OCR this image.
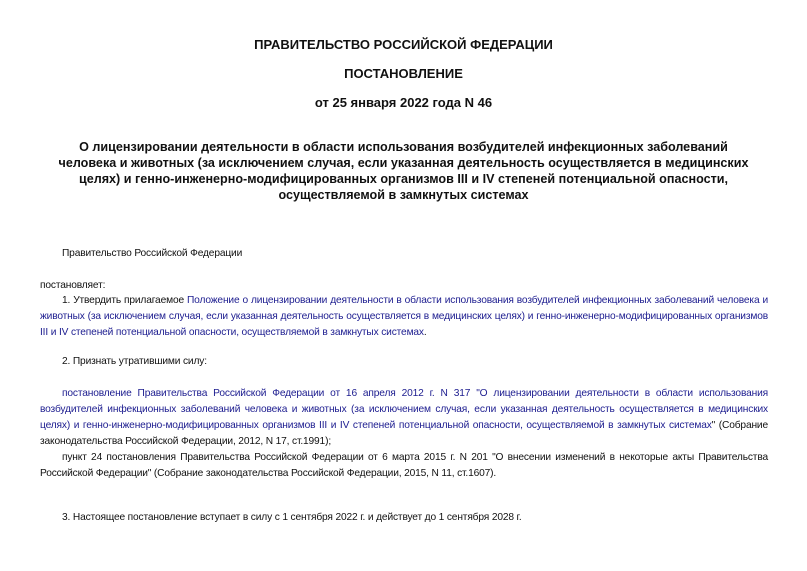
ПРАВИТЕЛЬСТВО РОССИЙСКОЙ ФЕДЕРАЦИИ
ПОСТАНОВЛЕНИЕ
от 25 января 2022 года N 46
О лицензировании деятельности в области использования возбудителей инфекционных заболеваний человека и животных (за исключением случая, если указанная деятельность осуществляется в медицинских целях) и генно-инженерно-модифицированных организмов III и IV степеней потенциальной опасности, осуществляемой в замкнутых системах
Правительство Российской Федерации
постановляет:
1. Утвердить прилагаемое Положение о лицензировании деятельности в области использования возбудителей инфекционных заболеваний человека и животных (за исключением случая, если указанная деятельность осуществляется в медицинских целях) и генно-инженерно-модифицированных организмов III и IV степеней потенциальной опасности, осуществляемой в замкнутых системах.
2. Признать утратившими силу:
постановление Правительства Российской Федерации от 16 апреля 2012 г. N 317 "О лицензировании деятельности в области использования возбудителей инфекционных заболеваний человека и животных (за исключением случая, если указанная деятельность осуществляется в медицинских целях) и генно-инженерно-модифицированных организмов III и IV степеней потенциальной опасности, осуществляемой в замкнутых системах" (Собрание законодательства Российской Федерации, 2012, N 17, ст.1991);
пункт 24 постановления Правительства Российской Федерации от 6 марта 2015 г. N 201 "О внесении изменений в некоторые акты Правительства Российской Федерации" (Собрание законодательства Российской Федерации, 2015, N 11, ст.1607).
3. Настоящее постановление вступает в силу с 1 сентября 2022 г. и действует до 1 сентября 2028 г.
